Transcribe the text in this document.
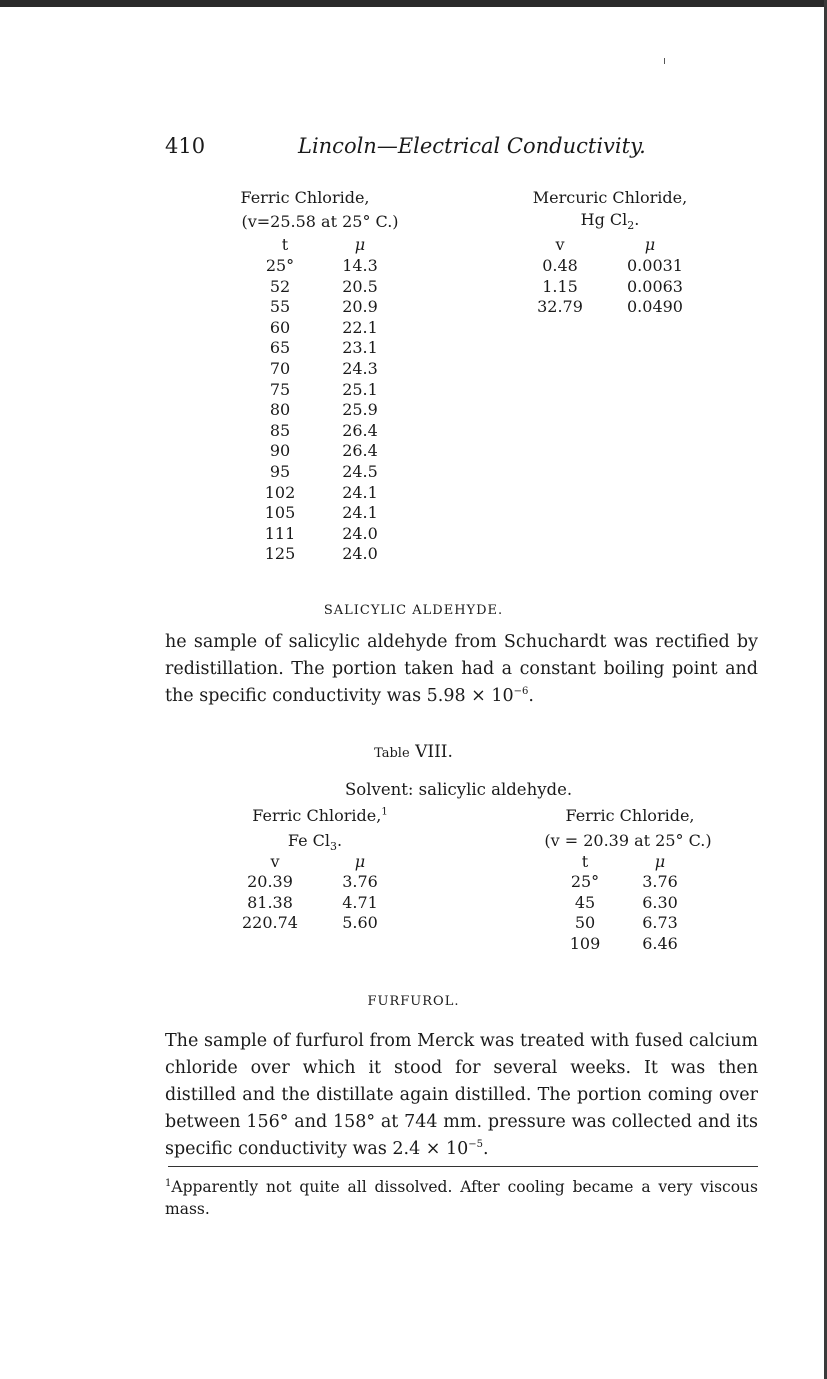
410	Lincoln—Electrical Conductivity.
Ferric Chloride,
(v=25.58 at 25° C.)
t	μ
25°	14.3
52	20.5
55	20.9
60	22.1
65	23.1
70	24.3
75	25.1
80	25.9
85	26.4
90	26.4
95	24.5
102	24.1
105	24.1
111	24.0
125	24.0
Mercuric Chloride,
Hg $Cl_2$.
v	μ
0.48	0.0031
1.15	0.0063
32.79	0.0490
SALICYLIC ALDEHYDE.
he sample of salicylic aldehyde from Schuchardt was rectified by redistillation. The portion taken had a constant boiling point and the specific conductivity was $5.98 \times 10^{-6}$.
Table VIII.
Solvent: salicylic aldehyde.
Ferric Chloride,$^1$
Fe $Cl_3$.
v	μ
20.39	3.76
81.38	4.71
220.74	5.60
Ferric Chloride,
(v = 20.39 at 25° C.)
t	μ
25°	3.76
45	6.30
50	6.73
109	6.46
FURFUROL.
The sample of furfurol from Merck was treated with fused calcium chloride over which it stood for several weeks. It was then distilled and the distillate again distilled. The portion coming over between 156° and 158° at 744 mm. pressure was collected and its specific conductivity was $2.4 \times 10^{-5}$.
$^1$Apparently not quite all dissolved. After cooling became a very viscous mass.
